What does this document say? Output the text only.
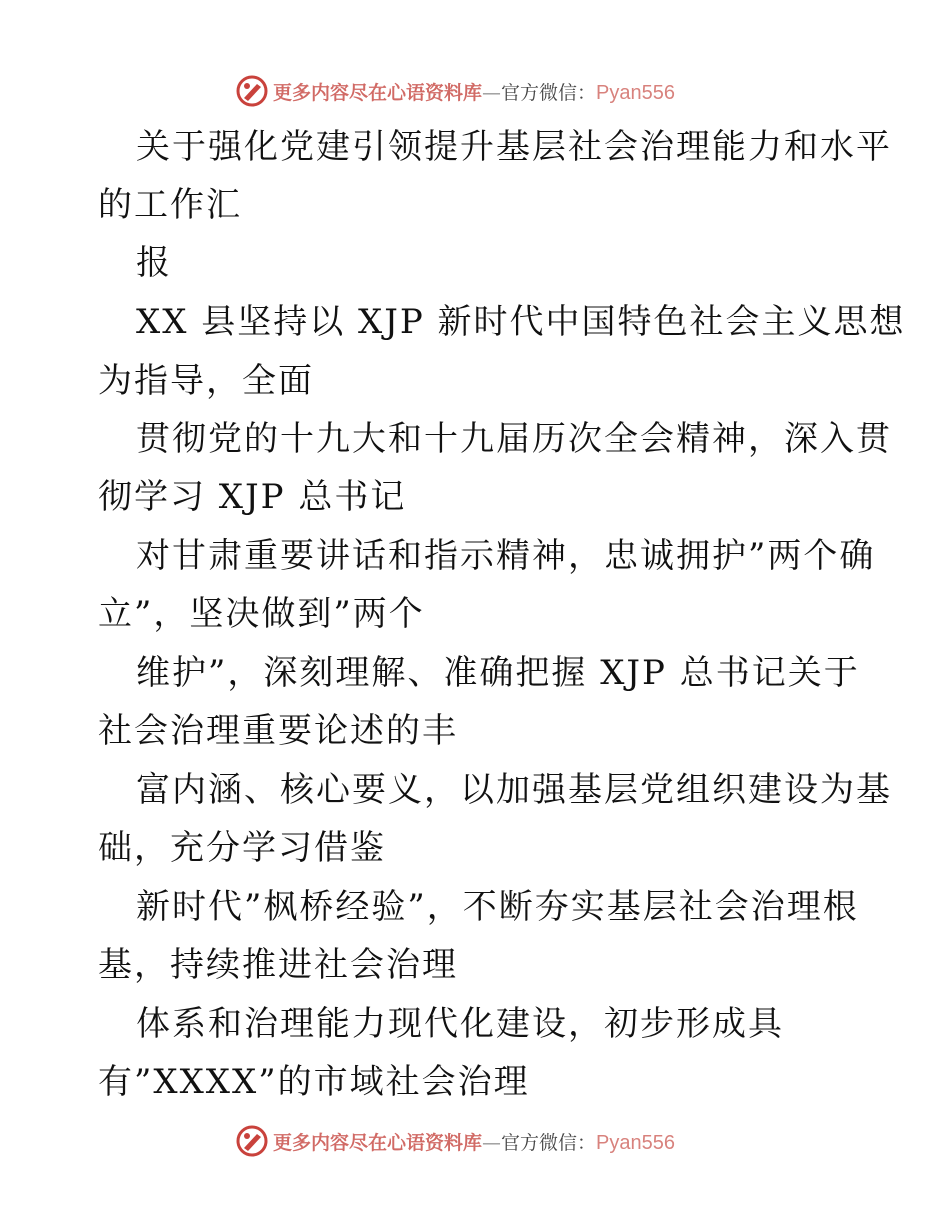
更多内容尽在心语资料库—官方微信：Pyan556
关于强化党建引领提升基层社会治理能力和水平
的工作汇
报
XX 县坚持以 XJP 新时代中国特色社会主义思想
为指导，全面
贯彻党的十九大和十九届历次全会精神，深入贯
彻学习 XJP 总书记
对甘肃重要讲话和指示精神，忠诚拥护”两个确
立”，坚决做到”两个
维护”，深刻理解、准确把握 XJP 总书记关于
社会治理重要论述的丰
富内涵、核心要义，以加强基层党组织建设为基
础，充分学习借鉴
新时代”枫桥经验”，不断夯实基层社会治理根
基，持续推进社会治理
体系和治理能力现代化建设，初步形成具
有”XXXX”的市域社会治理
更多内容尽在心语资料库—官方微信：Pyan556
